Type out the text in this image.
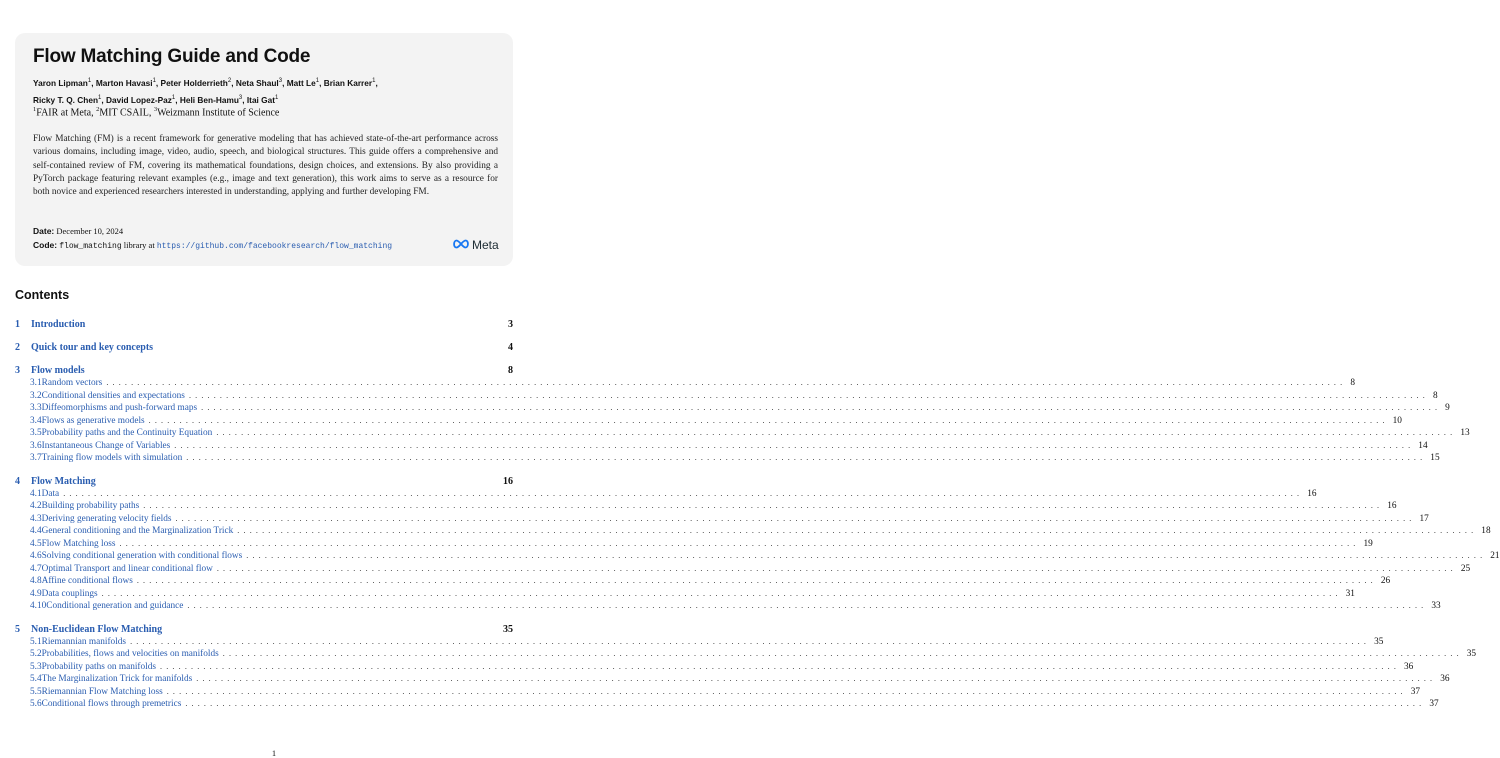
Flow Matching Guide and Code
Yaron Lipman$^1$, Marton Havasi$^1$, Peter Holderrieth$^2$, Neta Shaul$^3$, Matt Le$^1$, Brian Karrer$^1$,
Ricky T. Q. Chen$^1$, David Lopez-Paz$^1$, Heli Ben-Hamu$^3$, Itai Gat$^1$
$^1$FAIR at Meta, $^2$MIT CSAIL, $^3$Weizmann Institute of Science
Flow Matching (FM) is a recent framework for generative modeling that has achieved state-of-the-art performance across various domains, including image, video, audio, speech, and biological structures. This guide offers a comprehensive and self-contained review of FM, covering its mathematical foundations, design choices, and extensions. By also providing a PyTorch package featuring relevant examples (e.g., image and text generation), this work aims to serve as a resource for both novice and experienced researchers interested in understanding, applying and further developing FM.
Date: December 10, 2024
Code: flow_matching library at https://github.com/facebookresearch/flow_matching	Meta
Contents
1	Introduction	3
2	Quick tour and key concepts	4
3	Flow models	8
3.1 Random vectors ........................................................................................................................................................................................................ 8
3.2 Conditional densities and expectations ........................................................................................................................................................................................................ 8
3.3 Diffeomorphisms and push-forward maps ........................................................................................................................................................................................................ 9
3.4 Flows as generative models ........................................................................................................................................................................................................ 10
3.5 Probability paths and the Continuity Equation ........................................................................................................................................................................................................ 13
3.6 Instantaneous Change of Variables ........................................................................................................................................................................................................ 14
3.7 Training flow models with simulation ........................................................................................................................................................................................................ 15
4	Flow Matching	16
4.1 Data ........................................................................................................................................................................................................ 16
4.2 Building probability paths ........................................................................................................................................................................................................ 16
4.3 Deriving generating velocity fields ........................................................................................................................................................................................................ 17
4.4 General conditioning and the Marginalization Trick ........................................................................................................................................................................................................ 18
4.5 Flow Matching loss ........................................................................................................................................................................................................ 19
4.6 Solving conditional generation with conditional flows ........................................................................................................................................................................................................ 21
4.7 Optimal Transport and linear conditional flow ........................................................................................................................................................................................................ 25
4.8 Affine conditional flows ........................................................................................................................................................................................................ 26
4.9 Data couplings ........................................................................................................................................................................................................ 31
4.10 Conditional generation and guidance ........................................................................................................................................................................................................ 33
5	Non-Euclidean Flow Matching	35
5.1 Riemannian manifolds ........................................................................................................................................................................................................ 35
5.2 Probabilities, flows and velocities on manifolds ........................................................................................................................................................................................................ 35
5.3 Probability paths on manifolds ........................................................................................................................................................................................................ 36
5.4 The Marginalization Trick for manifolds ........................................................................................................................................................................................................ 36
5.5 Riemannian Flow Matching loss ........................................................................................................................................................................................................ 37
5.6 Conditional flows through premetrics ........................................................................................................................................................................................................ 37
1
